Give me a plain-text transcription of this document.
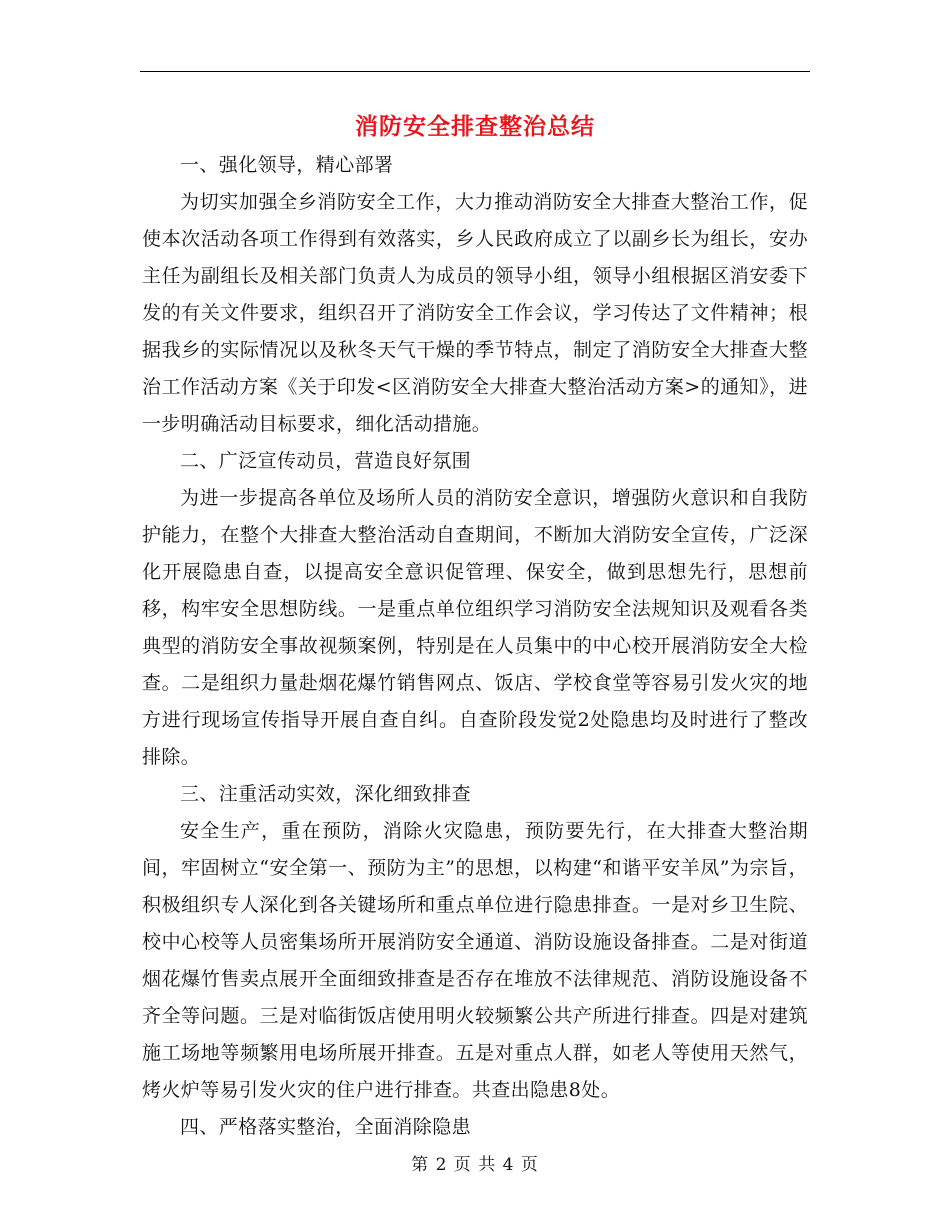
消防安全排查整治总结

一、强化领导，精心部署

为切实加强全乡消防安全工作，大力推动消防安全大排查大整治工作，促使本次活动各项工作得到有效落实，乡人民政府成立了以副乡长为组长，安办主任为副组长及相关部门负责人为成员的领导小组，领导小组根据区消安委下发的有关文件要求，组织召开了消防安全工作会议，学习传达了文件精神；根据我乡的实际情况以及秋冬天气干燥的季节特点，制定了消防安全大排查大整治工作活动方案《关于印发<区消防安全大排查大整治活动方案>的通知》，进一步明确活动目标要求，细化活动措施。

二、广泛宣传动员，营造良好氛围

为进一步提高各单位及场所人员的消防安全意识，增强防火意识和自我防护能力，在整个大排查大整治活动自查期间，不断加大消防安全宣传，广泛深化开展隐患自查，以提高安全意识促管理、保安全，做到思想先行，思想前移，构牢安全思想防线。一是重点单位组织学习消防安全法规知识及观看各类典型的消防安全事故视频案例，特别是在人员集中的中心校开展消防安全大检查。二是组织力量赴烟花爆竹销售网点、饭店、学校食堂等容易引发火灾的地方进行现场宣传指导开展自查自纠。自查阶段发觉2处隐患均及时进行了整改排除。

三、注重活动实效，深化细致排查

安全生产，重在预防，消除火灾隐患，预防要先行，在大排查大整治期间，牢固树立“安全第一、预防为主”的思想，以构建“和谐平安羊凤”为宗旨，积极组织专人深化到各关键场所和重点单位进行隐患排查。一是对乡卫生院、校中心校等人员密集场所开展消防安全通道、消防设施设备排查。二是对街道烟花爆竹售卖点展开全面细致排查是否存在堆放不法律规范、消防设施设备不齐全等问题。三是对临街饭店使用明火较频繁公共产所进行排查。四是对建筑施工场地等频繁用电场所展开排查。五是对重点人群，如老人等使用天然气，烤火炉等易引发火灾的住户进行排查。共查出隐患8处。

四、严格落实整治，全面消除隐患

第 2 页 共 4 页
